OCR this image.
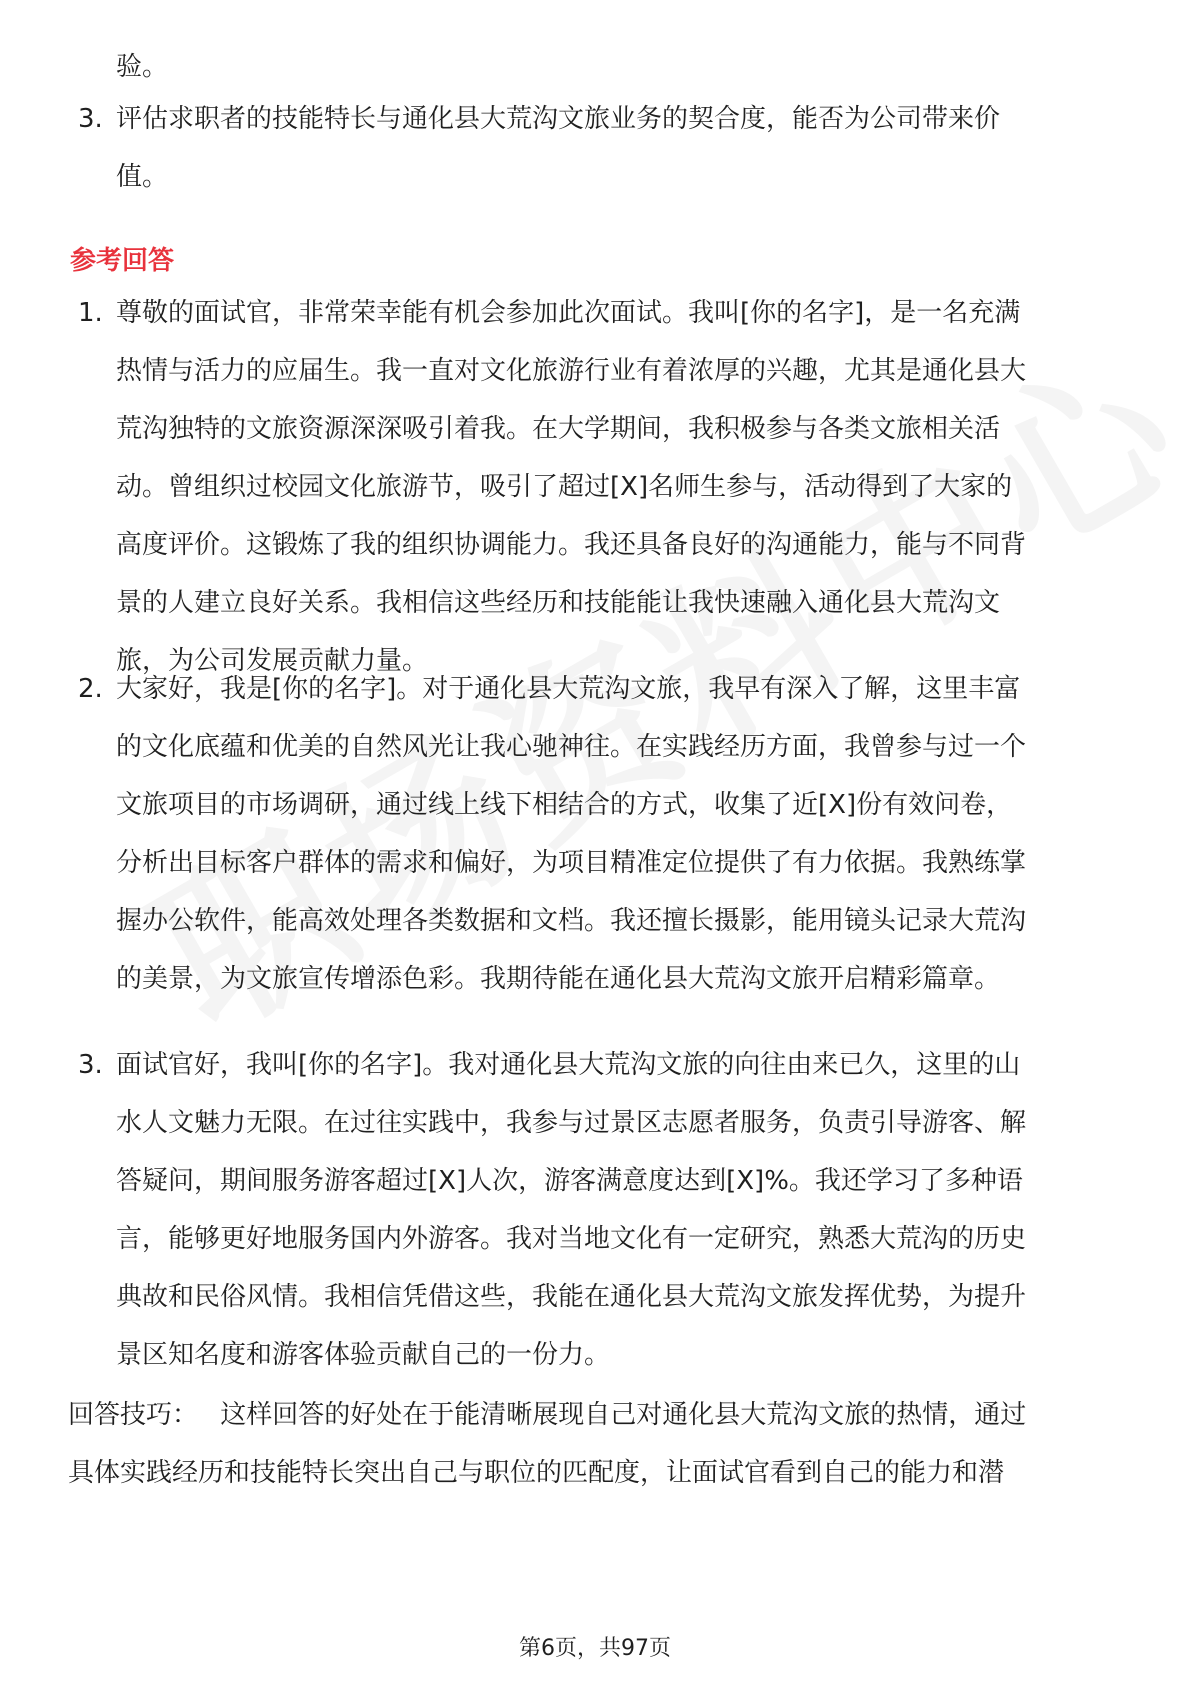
验。
3. 评估求职者的技能特长与通化县大荒沟文旅业务的契合度，能否为公司带来价值。
参考回答
1. 尊敬的面试官，非常荣幸能有机会参加此次面试。我叫[你的名字]，是一名充满热情与活力的应届生。我一直对文化旅游行业有着浓厚的兴趣，尤其是通化县大荒沟独特的文旅资源深深吸引着我。在大学期间，我积极参与各类文旅相关活动。曾组织过校园文化旅游节，吸引了超过[X]名师生参与，活动得到了大家的高度评价。这锻炼了我的组织协调能力。我还具备良好的沟通能力，能与不同背景的人建立良好关系。我相信这些经历和技能能让我快速融入通化县大荒沟文旅，为公司发展贡献力量。
2. 大家好，我是[你的名字]。对于通化县大荒沟文旅，我早有深入了解，这里丰富的文化底蕴和优美的自然风光让我心驰神往。在实践经历方面，我曾参与过一个文旅项目的市场调研，通过线上线下相结合的方式，收集了近[X]份有效问卷，分析出目标客户群体的需求和偏好，为项目精准定位提供了有力依据。我熟练掌握办公软件，能高效处理各类数据和文档。我还擅长摄影，能用镜头记录大荒沟的美景，为文旅宣传增添色彩。我期待能在通化县大荒沟文旅开启精彩篇章。
3. 面试官好，我叫[你的名字]。我对通化县大荒沟文旅的向往由来已久，这里的山水人文魅力无限。在过往实践中，我参与过景区志愿者服务，负责引导游客、解答疑问，期间服务游客超过[X]人次，游客满意度达到[X]%。我还学习了多种语言，能够更好地服务国内外游客。我对当地文化有一定研究，熟悉大荒沟的历史典故和民俗风情。我相信凭借这些，我能在通化县大荒沟文旅发挥优势，为提升景区知名度和游客体验贡献自己的一份力。
回答技巧： 这样回答的好处在于能清晰展现自己对通化县大荒沟文旅的热情，通过具体实践经历和技能特长突出自己与职位的匹配度，让面试官看到自己的能力和潜
第6页，共97页
